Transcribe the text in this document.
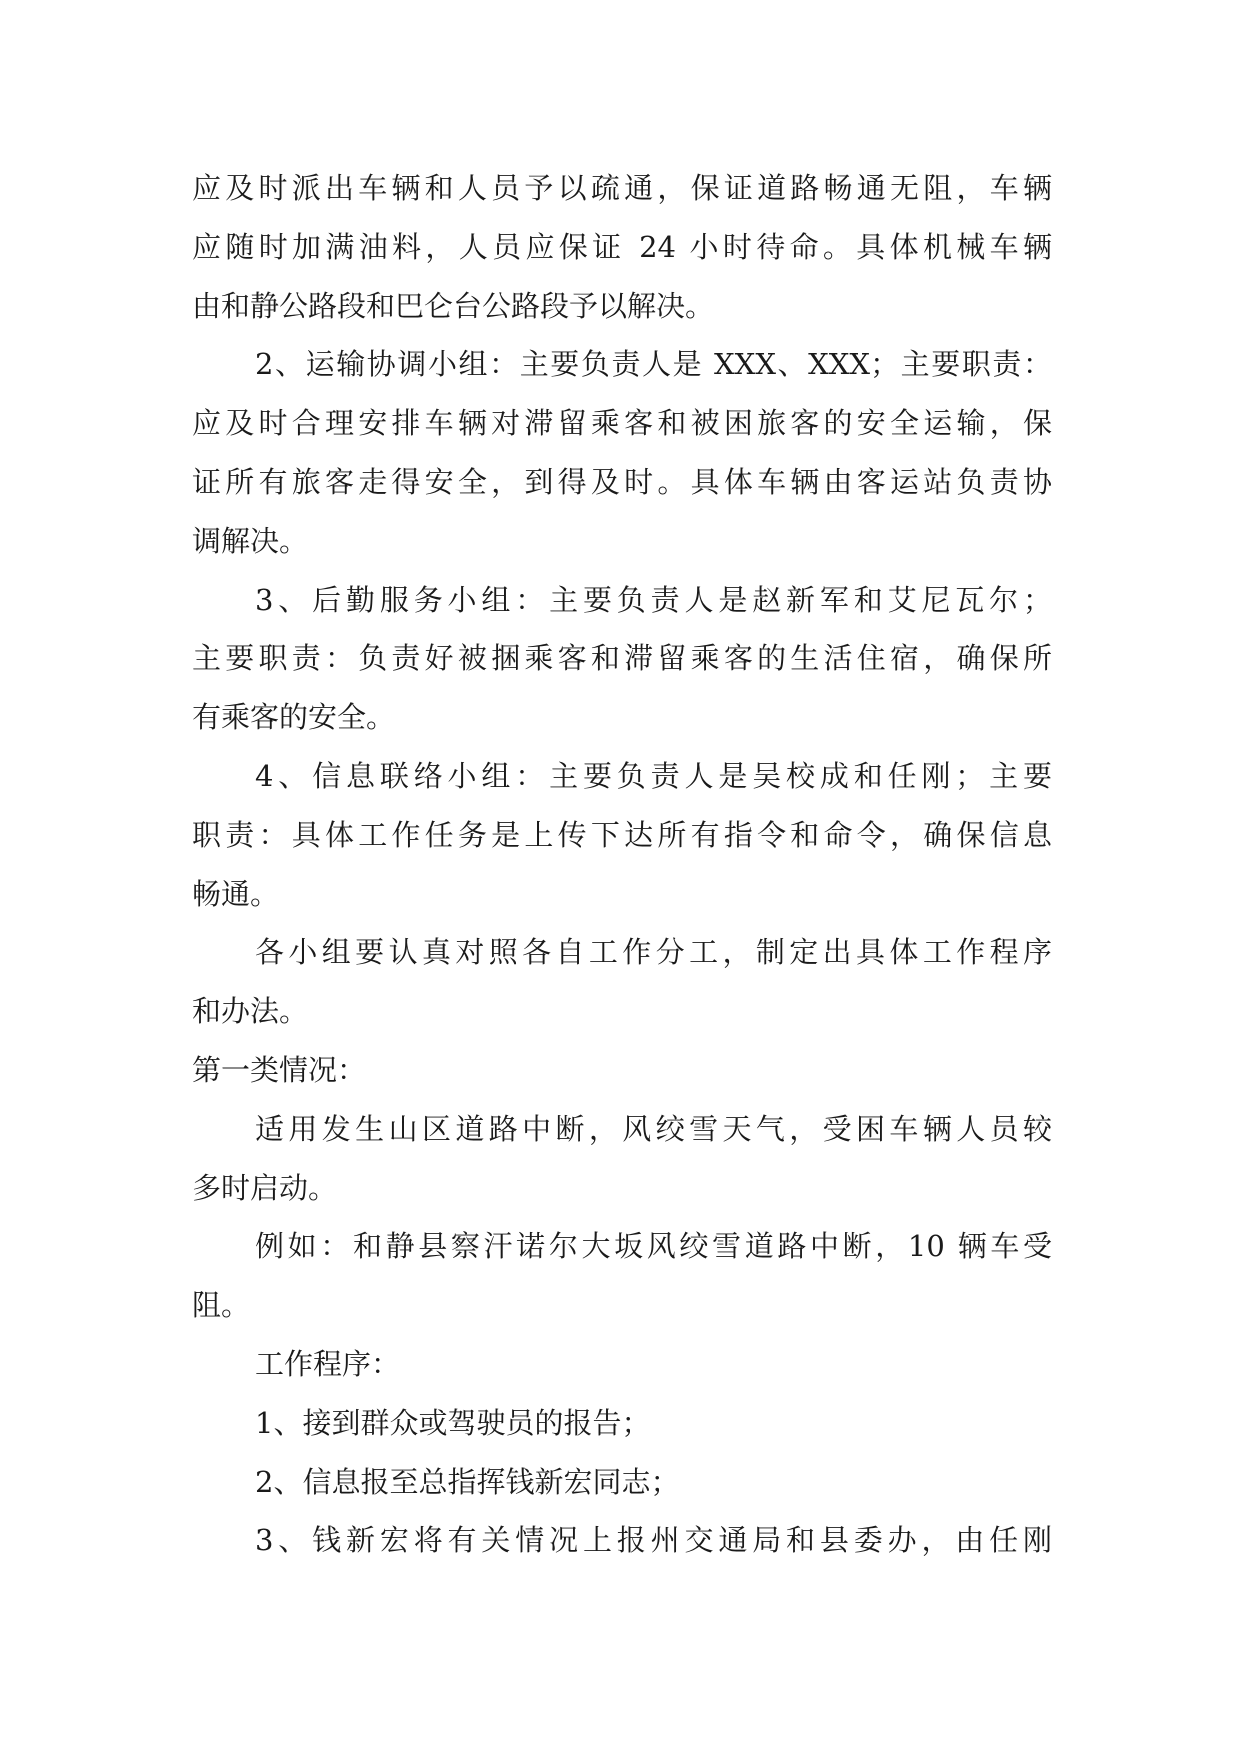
应及时派出车辆和人员予以疏通，保证道路畅通无阻，车辆
应随时加满油料，人员应保证 24 小时待命。具体机械车辆
由和静公路段和巴仑台公路段予以解决。
2、运输协调小组：主要负责人是 XXX、XXX；主要职责：
应及时合理安排车辆对滞留乘客和被困旅客的安全运输，保
证所有旅客走得安全，到得及时。具体车辆由客运站负责协
调解决。
3、后勤服务小组：主要负责人是赵新军和艾尼瓦尔；
主要职责：负责好被捆乘客和滞留乘客的生活住宿，确保所
有乘客的安全。
4、信息联络小组：主要负责人是吴校成和任刚；主要
职责：具体工作任务是上传下达所有指令和命令，确保信息
畅通。
各小组要认真对照各自工作分工，制定出具体工作程序
和办法。
第一类情况：
适用发生山区道路中断，风绞雪天气，受困车辆人员较
多时启动。
例如：和静县察汗诺尔大坂风绞雪道路中断，10 辆车受
阻。
工作程序：
1、接到群众或驾驶员的报告；
2、信息报至总指挥钱新宏同志；
3、钱新宏将有关情况上报州交通局和县委办，由任刚
